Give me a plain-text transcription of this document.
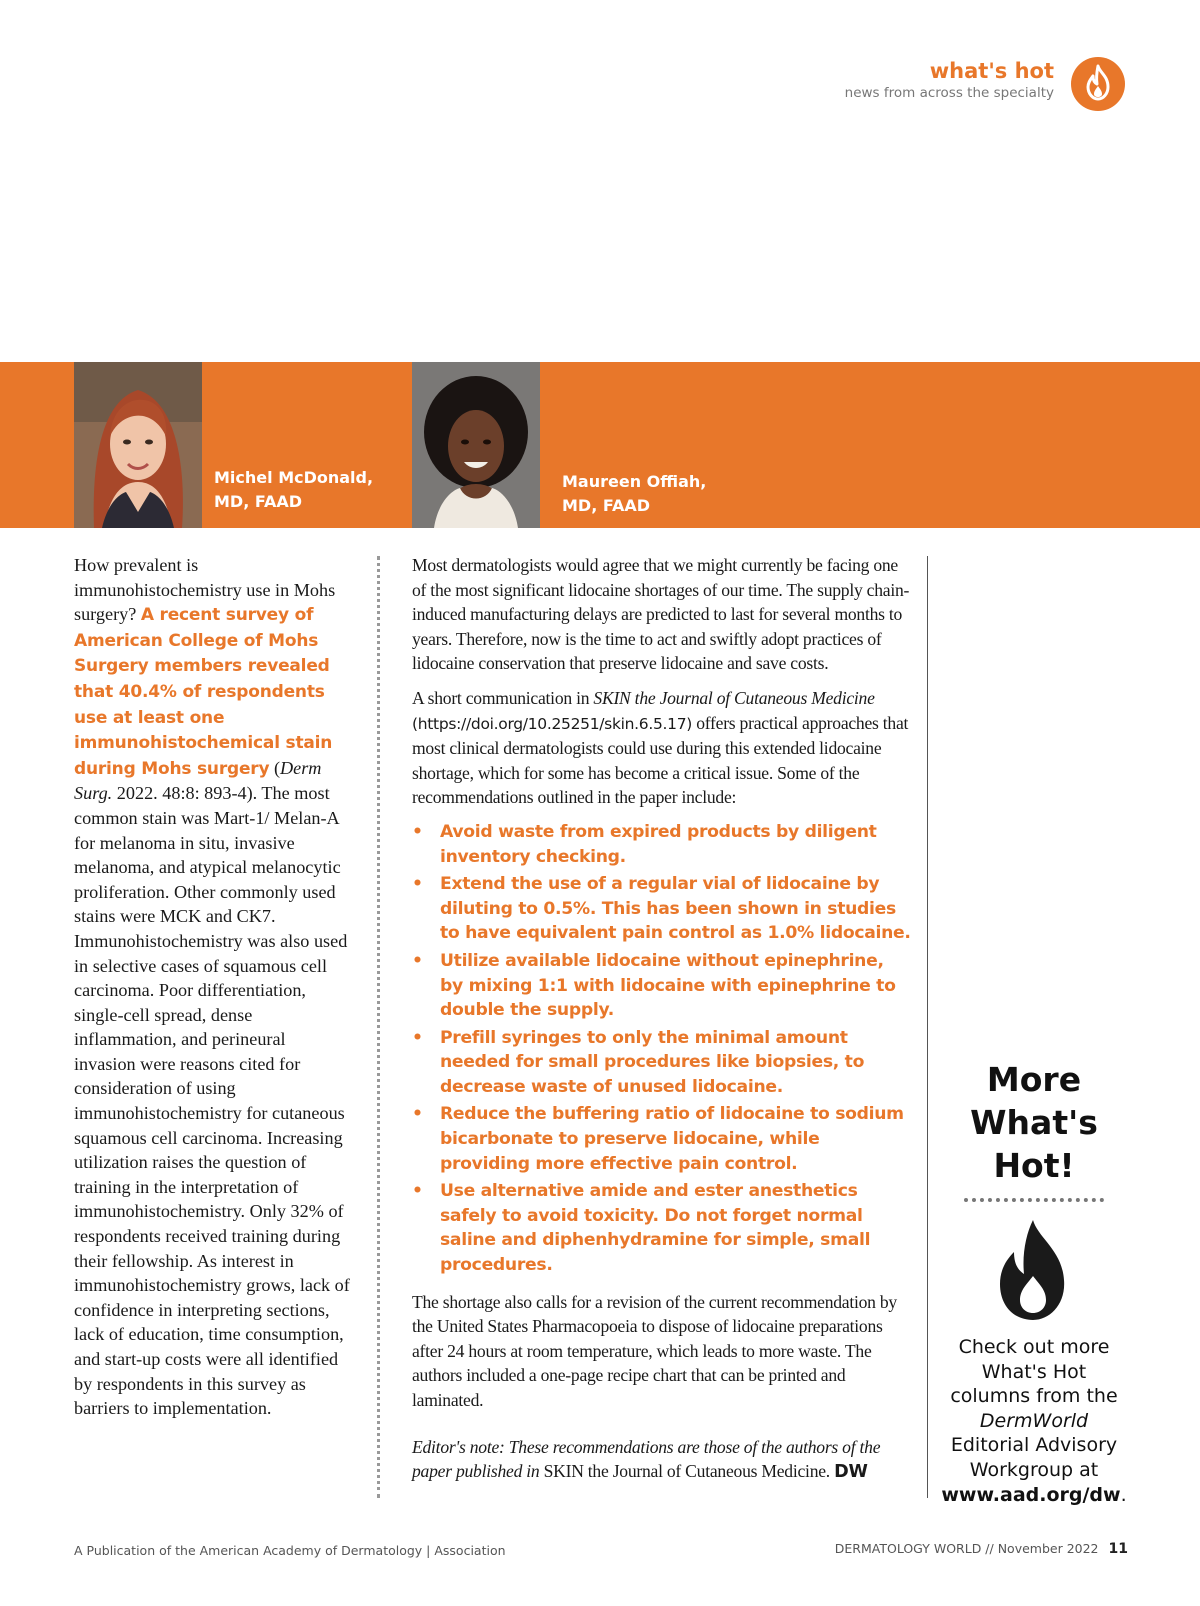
what's hot
news from across the specialty
Michel McDonald,
MD, FAAD
Maureen Offiah,
MD, FAAD
How prevalent is immunohistochemistry use in Mohs surgery? A recent survey of American College of Mohs Surgery members revealed that 40.4% of respondents use at least one immunohistochemical stain during Mohs surgery (Derm Surg. 2022. 48:8: 893-4). The most common stain was Mart-1/ Melan-A for melanoma in situ, invasive melanoma, and atypical melanocytic proliferation. Other commonly used stains were MCK and CK7. Immunohistochemistry was also used in selective cases of squamous cell carcinoma. Poor differentiation, single-cell spread, dense inflammation, and perineural invasion were reasons cited for consideration of using immunohistochemistry for cutaneous squamous cell carcinoma. Increasing utilization raises the question of training in the interpretation of immunohistochemistry. Only 32% of respondents received training during their fellowship. As interest in immunohistochemistry grows, lack of confidence in interpreting sections, lack of education, time consumption, and start-up costs were all identified by respondents in this survey as barriers to implementation.

Most dermatologists would agree that we might currently be facing one of the most significant lidocaine shortages of our time. The supply chain-induced manufacturing delays are predicted to last for several months to years. Therefore, now is the time to act and swiftly adopt practices of lidocaine conservation that preserve lidocaine and save costs.

A short communication in SKIN the Journal of Cutaneous Medicine (https://doi.org/10.25251/skin.6.5.17) offers practical approaches that most clinical dermatologists could use during this extended lidocaine shortage, which for some has become a critical issue. Some of the recommendations outlined in the paper include:

• Avoid waste from expired products by diligent inventory checking.
• Extend the use of a regular vial of lidocaine by diluting to 0.5%. This has been shown in studies to have equivalent pain control as 1.0% lidocaine.
• Utilize available lidocaine without epinephrine, by mixing 1:1 with lidocaine with epinephrine to double the supply.
• Prefill syringes to only the minimal amount needed for small procedures like biopsies, to decrease waste of unused lidocaine.
• Reduce the buffering ratio of lidocaine to sodium bicarbonate to preserve lidocaine, while providing more effective pain control.
• Use alternative amide and ester anesthetics safely to avoid toxicity. Do not forget normal saline and diphenhydramine for simple, small procedures.

The shortage also calls for a revision of the current recommendation by the United States Pharmacopoeia to dispose of lidocaine preparations after 24 hours at room temperature, which leads to more waste. The authors included a one-page recipe chart that can be printed and laminated.

Editor's note: These recommendations are those of the authors of the paper published in SKIN the Journal of Cutaneous Medicine. DW

More
What's
Hot!
Check out more What's Hot columns from the DermWorld Editorial Advisory Workgroup at www.aad.org/dw.
A Publication of the American Academy of Dermatology | Association	DERMATOLOGY WORLD // November 2022 11
